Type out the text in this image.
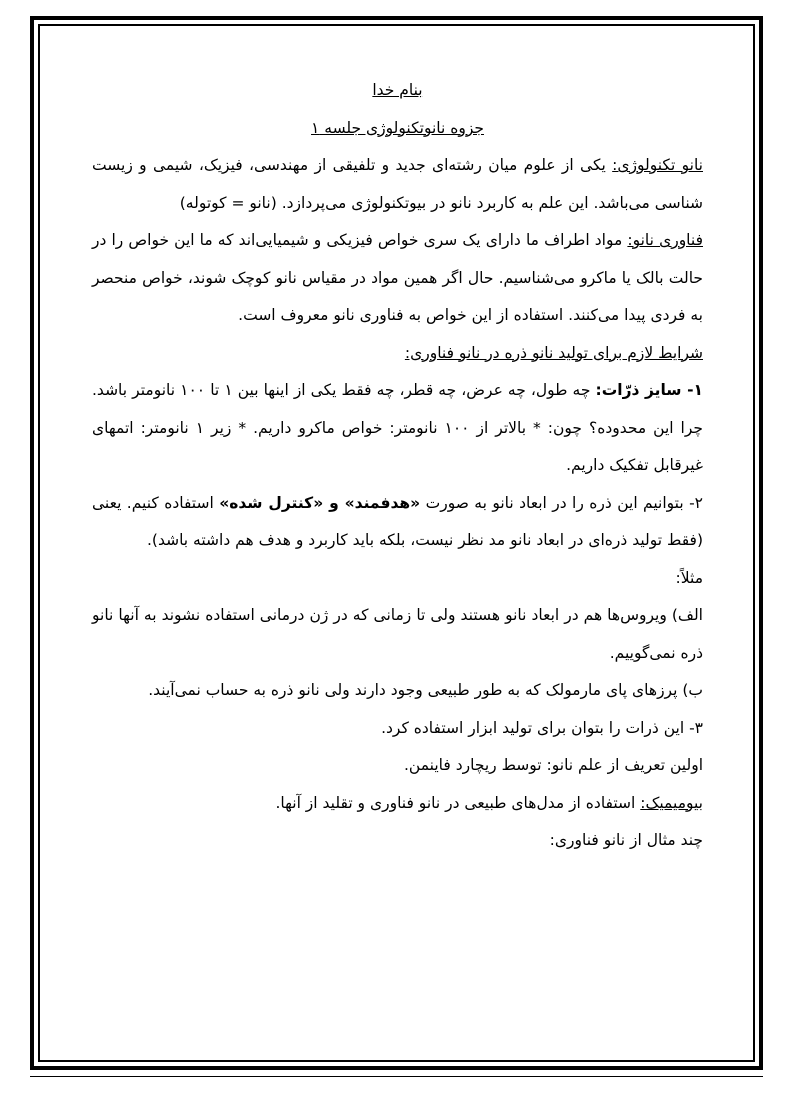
بنام خدا

جزوه نانوتکنولوژی جلسه ۱

نانو تکنولوژی: یکی از علوم میان رشته‌ای جدید و تلفیقی از مهندسی، فیزیک، شیمی و زیست شناسی می‌باشد. این علم به کاربرد نانو در بیوتکنولوژی می‌پردازد. (نانو = کوتوله)

فناوری نانو: مواد اطراف ما دارای یک سری خواص فیزیکی و شیمیایی‌اند که ما این خواص را در حالت بالک یا ماکرو می‌شناسیم. حال اگر همین مواد در مقیاس نانو کوچک شوند، خواص منحصر به فردی پیدا می‌کنند. استفاده از این خواص به فناوری نانو معروف است.

شرایط لازم برای تولید نانو ذره در نانو فناوری:

۱- سایز ذرّات: چه طول، چه عرض، چه قطر، چه فقط یکی از اینها بین ۱ تا ۱۰۰ نانومتر باشد. چرا این محدوده؟ چون: * بالاتر از ۱۰۰ نانومتر: خواص ماکرو داریم. * زیر ۱ نانومتر: اتمهای غیرقابل تفکیک داریم.

۲- بتوانیم این ذره را در ابعاد نانو به صورت «هدفمند» و «کنترل شده» استفاده کنیم. یعنی (فقط تولید ذره‌ای در ابعاد نانو مد نظر نیست، بلکه باید کاربرد و هدف هم داشته باشد).

مثلاً:

الف) ویروس‌ها هم در ابعاد نانو هستند ولی تا زمانی که در ژن درمانی استفاده نشوند به آنها نانو ذره نمی‌گوییم.

ب) پرزهای پای مارمولک که به طور طبیعی وجود دارند ولی نانو ذره به حساب نمی‌آیند.

۳- این ذرات را بتوان برای تولید ابزار استفاده کرد.

اولین تعریف از علم نانو: توسط ریچارد فاینمن.

بیومیمیک: استفاده از مدل‌های طبیعی در نانو فناوری و تقلید از آنها.

چند مثال از نانو فناوری:
